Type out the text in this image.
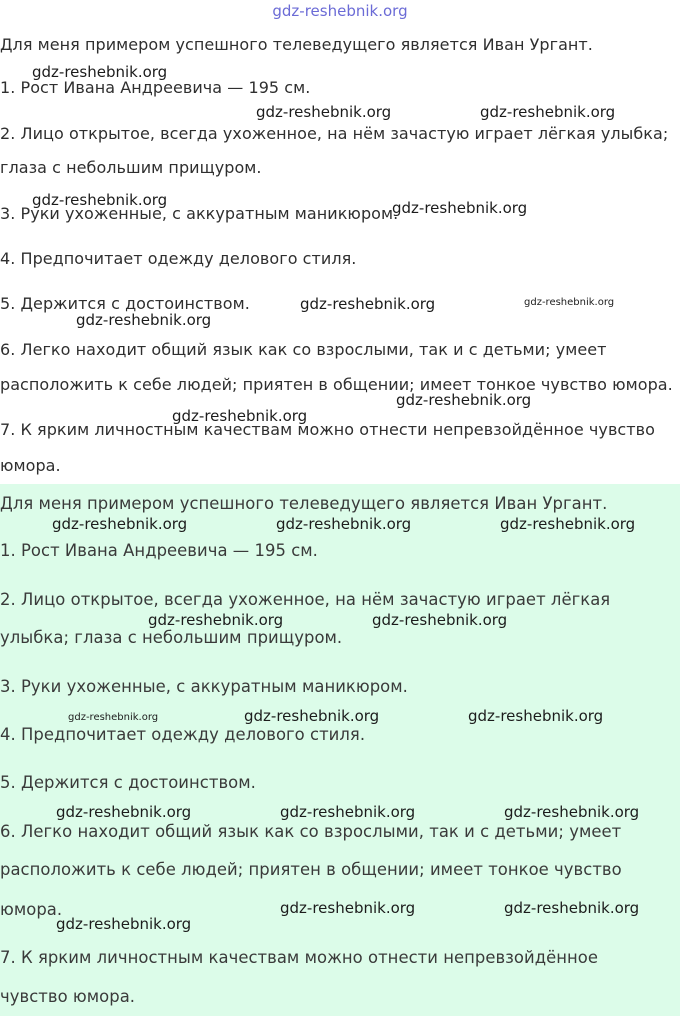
gdz-reshebnik.org
Для меня примером успешного телеведущего является Иван Ургант.
1. Рост Ивана Андреевича — 195 см.
2. Лицо открытое, всегда ухоженное, на нём зачастую играет лёгкая улыбка;
глаза с небольшим прищуром.
3. Руки ухоженные, с аккуратным маникюром.
4. Предпочитает одежду делового стиля.
5. Держится с достоинством.
6. Легко находит общий язык как со взрослыми, так и с детьми; умеет
расположить к себе людей; приятен в общении; имеет тонкое чувство юмора.
7. К ярким личностным качествам можно отнести непревзойдённое чувство
юмора.
gdz-reshebnik.org
gdz-reshebnik.org	gdz-reshebnik.org
gdz-reshebnik.org	gdz-reshebnik.org
gdz-reshebnik.org	gdz-reshebnik.org
gdz-reshebnik.org
gdz-reshebnik.org
gdz-reshebnik.org
Для меня примером успешного телеведущего является Иван Ургант.
1. Рост Ивана Андреевича — 195 см.
2. Лицо открытое, всегда ухоженное, на нём зачастую играет лёгкая
улыбка; глаза с небольшим прищуром.
3. Руки ухоженные, с аккуратным маникюром.
4. Предпочитает одежду делового стиля.
5. Держится с достоинством.
6. Легко находит общий язык как со взрослыми, так и с детьми; умеет
расположить к себе людей; приятен в общении; имеет тонкое чувство
юмора.
7. К ярким личностным качествам можно отнести непревзойдённое
чувство юмора.
gdz-reshebnik.org	gdz-reshebnik.org	gdz-reshebnik.org
gdz-reshebnik.org	gdz-reshebnik.org
gdz-reshebnik.org	gdz-reshebnik.org	gdz-reshebnik.org
gdz-reshebnik.org	gdz-reshebnik.org	gdz-reshebnik.org
gdz-reshebnik.org	gdz-reshebnik.org
gdz-reshebnik.org
